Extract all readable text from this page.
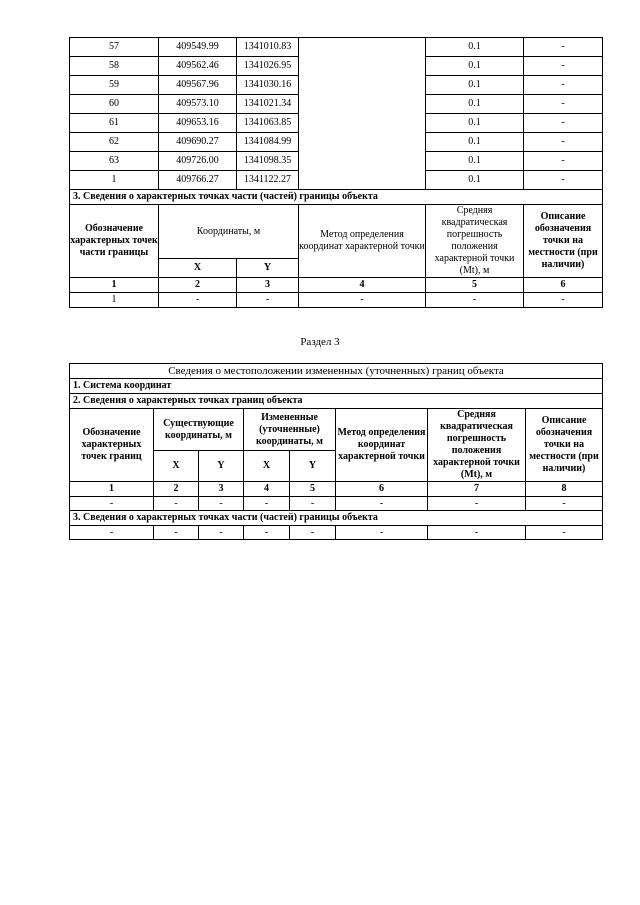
57	409549.99	1341010.83		0.1	-
58	409562.46	1341026.95		0.1	-
59	409567.96	1341030.16		0.1	-
60	409573.10	1341021.34		0.1	-
61	409653.16	1341063.85		0.1	-
62	409690.27	1341084.99		0.1	-
63	409726.00	1341098.35		0.1	-
1	409766.27	1341122.27		0.1	-
3. Сведения о характерных точках части (частей) границы объекта					
Обозначение характерных точек части границы	Координаты, м		Метод определения координат характерной точки	Средняя квадратическая погрешность положения характерной точки (Mt), м	Описание обозначения точки на местности (при наличии)
	X	Y			
1	2	3	4	5	6
1	-	-	-	-	-
Раздел 3
Сведения о местоположении измененных (уточненных) границ объекта							
1. Система координат							
2. Сведения о характерных точках границ объекта							
Обозначение характерных точек границ	Существующие координаты, м		Измененные (уточненные) координаты, м		Метод определения координат характерной точки	Средняя квадратическая погрешность положения характерной точки (Mt), м	Описание обозначения точки на местности (при наличии)
	X	Y	X	Y			
1	2	3	4	5	6	7	8
-	-	-	-	-	-	-	-
3. Сведения о характерных точках части (частей) границы объекта							
-	-	-	-	-	-	-	-
